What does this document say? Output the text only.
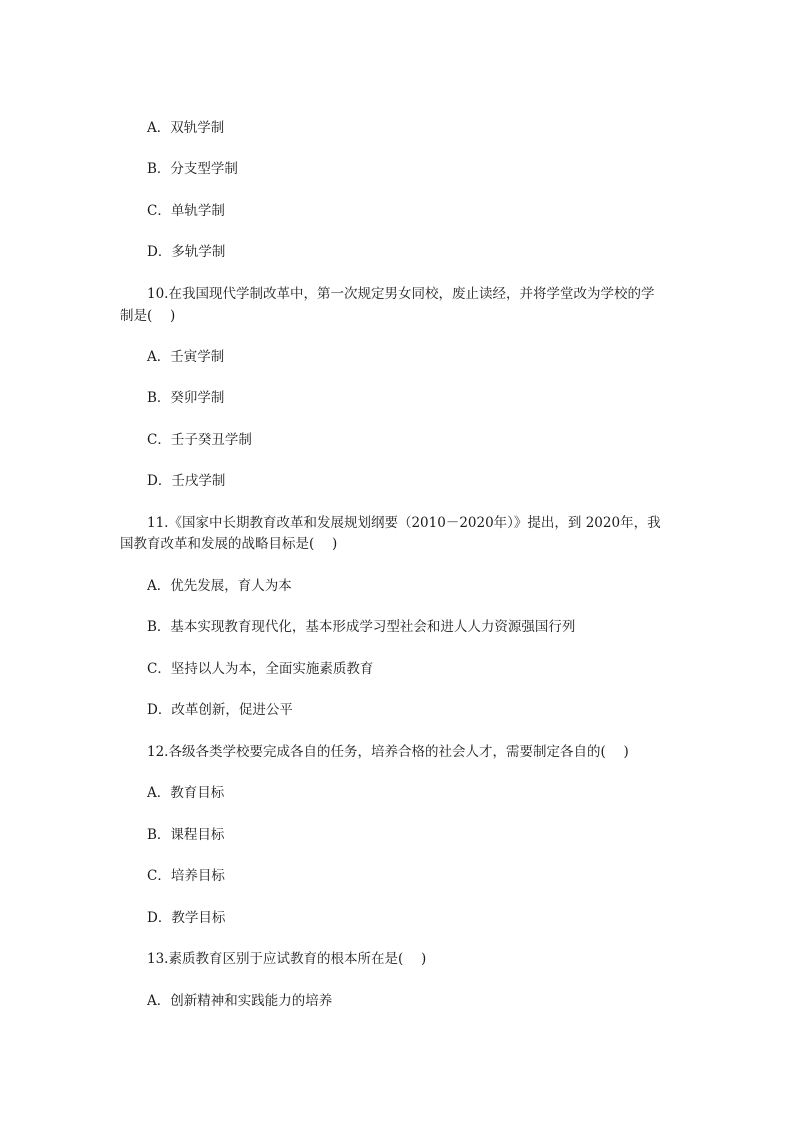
A．双轨学制
B．分支型学制
C．单轨学制
D．多轨学制
10.在我国现代学制改革中，第一次规定男女同校，废止读经，并将学堂改为学校的学
制是(　 )
A．壬寅学制
B．癸卯学制
C．壬子癸丑学制
D．壬戌学制
11.《国家中长期教育改革和发展规划纲要（2010－2020年）》提出，到 2020年，我
国教育改革和发展的战略目标是(　 )
A．优先发展，育人为本
B．基本实现教育现代化，基本形成学习型社会和进人人力资源强国行列
C．坚持以人为本，全面实施素质教育
D．改革创新，促进公平
12.各级各类学校要完成各自的任务，培养合格的社会人才，需要制定各自的(　 )
A．教育目标
B．课程目标
C．培养目标
D．教学目标
13.素质教育区别于应试教育的根本所在是(　 )
A．创新精神和实践能力的培养
